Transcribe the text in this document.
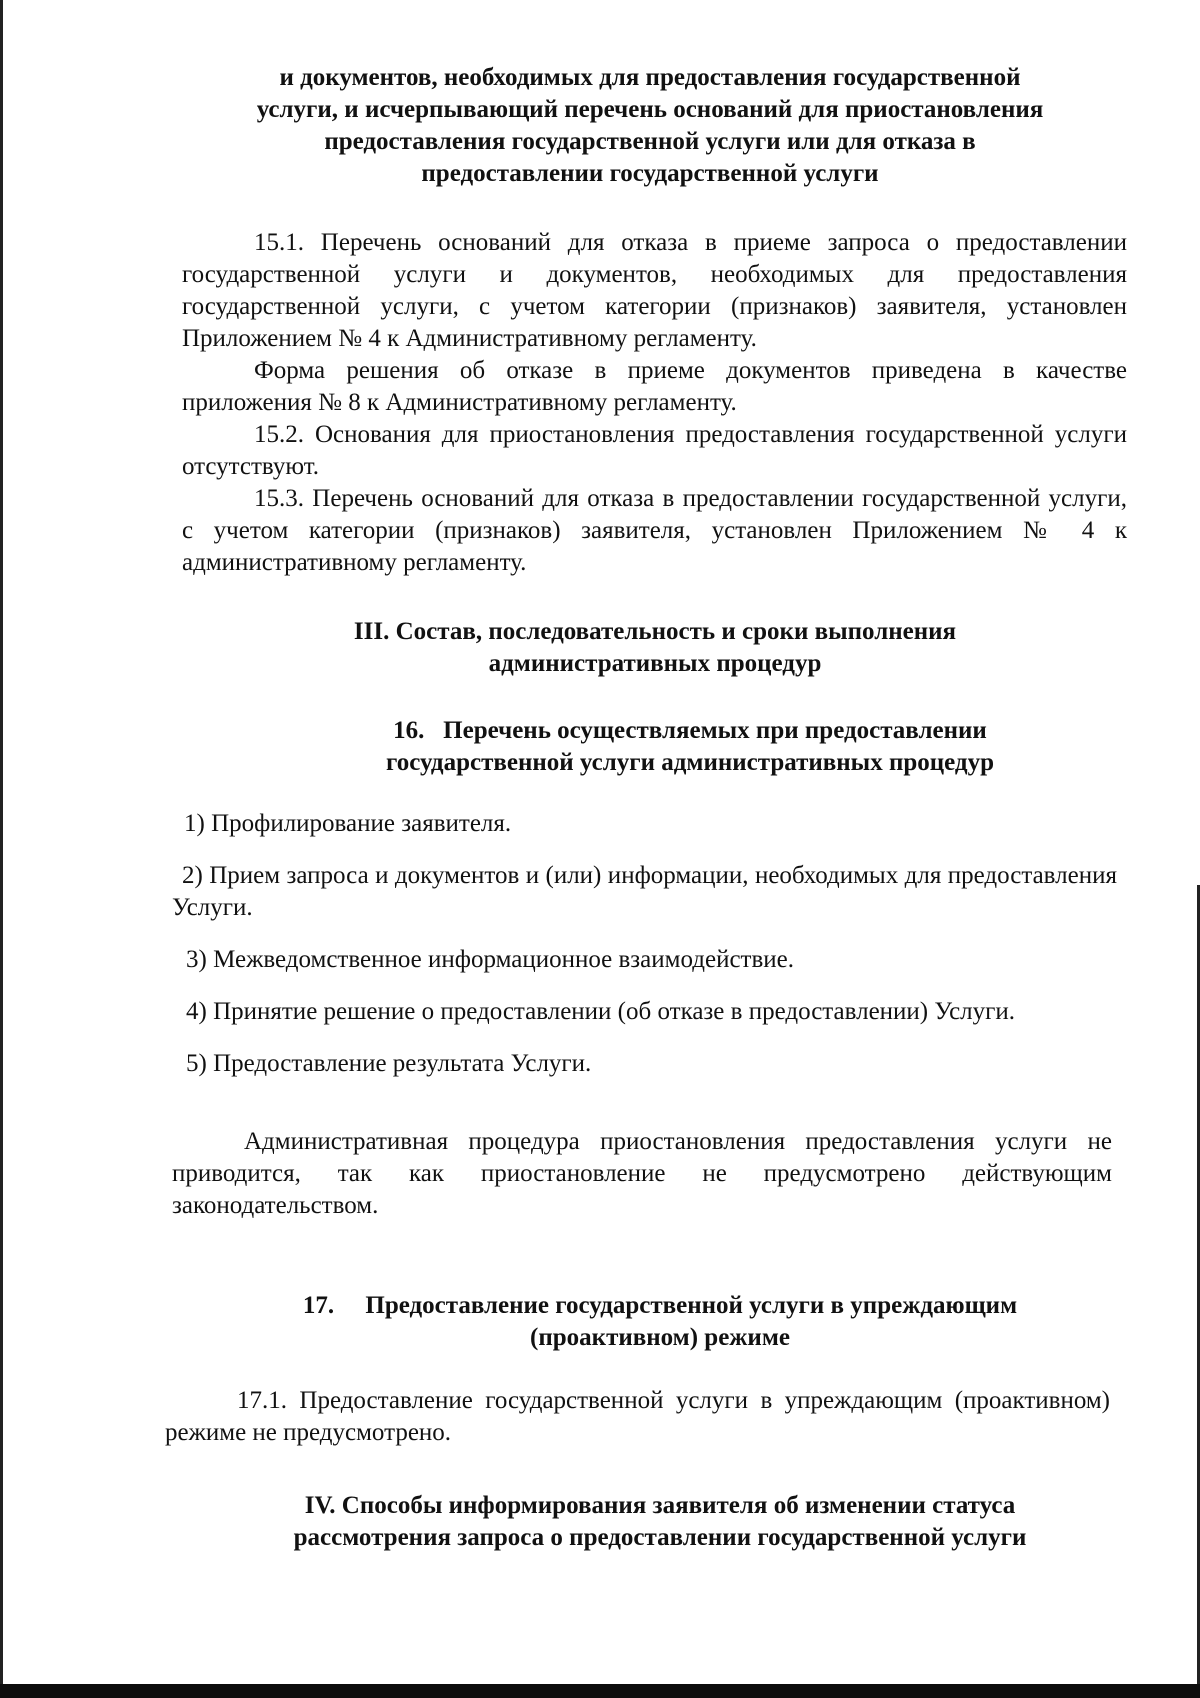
и документов, необходимых для предоставления государственной

услуги, и исчерпывающий перечень оснований для приостановления

предоставления государственной услуги или для отказа в

предоставлении государственной услуги

15.1. Перечень оснований для отказа в приеме запроса о предоставлении государственной услуги и документов, необходимых для предоставления государственной услуги, с учетом категории (признаков) заявителя, установлен Приложением № 4 к Административному регламенту.

Форма решения об отказе в приеме документов приведена в качестве приложения № 8 к Административному регламенту.

15.2. Основания для приостановления предоставления государственной услуги отсутствуют.

15.3. Перечень оснований для отказа в предоставлении государственной услуги, с учетом категории (признаков) заявителя, установлен Приложением № 4 к административному регламенту.

III. Состав, последовательность и сроки выполнения

административных процедур

16.   Перечень осуществляемых при предоставлении

государственной услуги административных процедур

1) Профилирование заявителя.

2) Прием запроса и документов и (или) информации, необходимых для предоставления Услуги.

3) Межведомственное информационное взаимодействие.

4) Принятие решение о предоставлении (об отказе в предоставлении) Услуги.

5) Предоставление результата Услуги.

Административная процедура приостановления предоставления услуги не приводится, так как приостановление не предусмотрено действующим законодательством.

17.     Предоставление государственной услуги в упреждающим

(проактивном) режиме

17.1. Предоставление государственной услуги в упреждающим (проактивном) режиме не предусмотрено.

IV. Способы информирования заявителя об изменении статуса

рассмотрения запроса о предоставлении государственной услуги
